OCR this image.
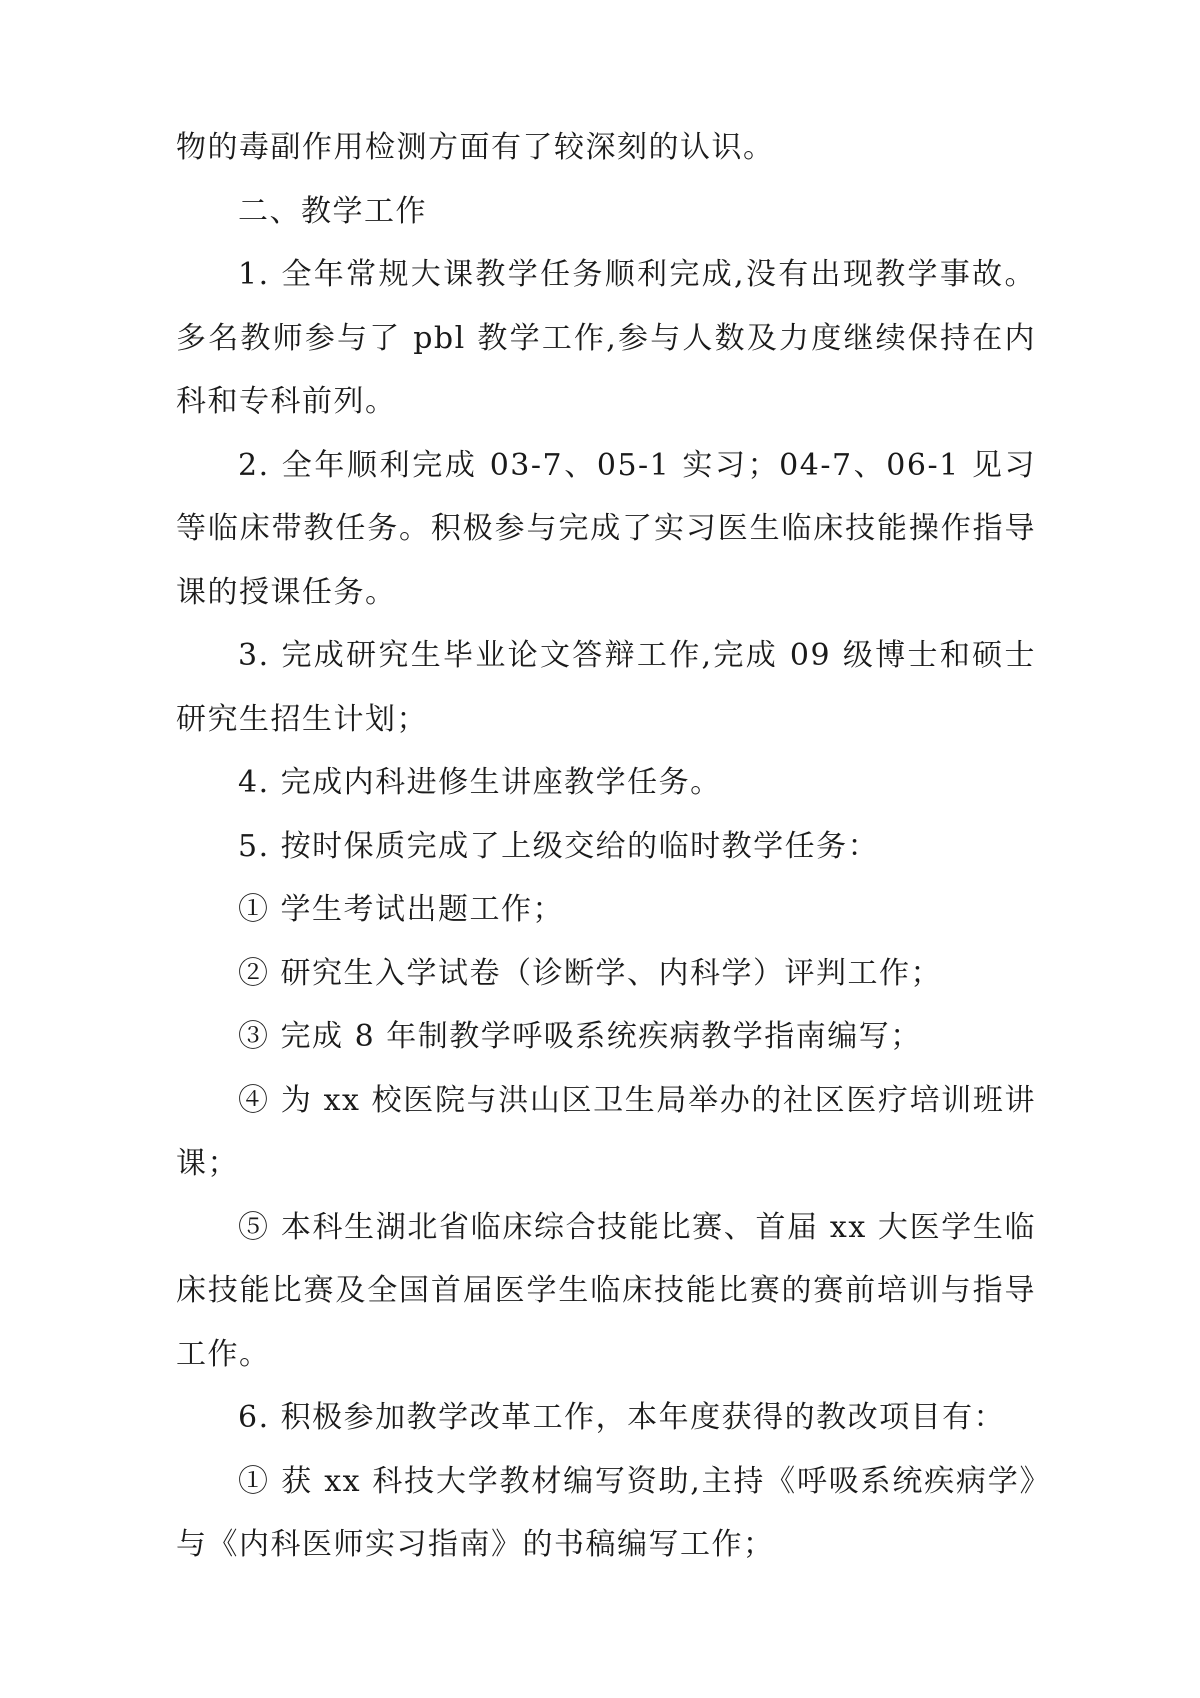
物的毒副作用检测方面有了较深刻的认识。

二、教学工作

1. 全年常规大课教学任务顺利完成,没有出现教学事故。多名教师参与了 pbl 教学工作,参与人数及力度继续保持在内科和专科前列。

2. 全年顺利完成 03-7、05-1 实习；04-7、06-1 见习等临床带教任务。积极参与完成了实习医生临床技能操作指导课的授课任务。

3. 完成研究生毕业论文答辩工作,完成 09 级博士和硕士研究生招生计划；

4. 完成内科进修生讲座教学任务。

5. 按时保质完成了上级交给的临时教学任务：

① 学生考试出题工作；

② 研究生入学试卷（诊断学、内科学）评判工作；

③ 完成 8 年制教学呼吸系统疾病教学指南编写；

④ 为 xx 校医院与洪山区卫生局举办的社区医疗培训班讲课；

⑤ 本科生湖北省临床综合技能比赛、首届 xx 大医学生临床技能比赛及全国首届医学生临床技能比赛的赛前培训与指导工作。

6. 积极参加教学改革工作，本年度获得的教改项目有：

① 获 xx 科技大学教材编写资助,主持《呼吸系统疾病学》与《内科医师实习指南》的书稿编写工作；
